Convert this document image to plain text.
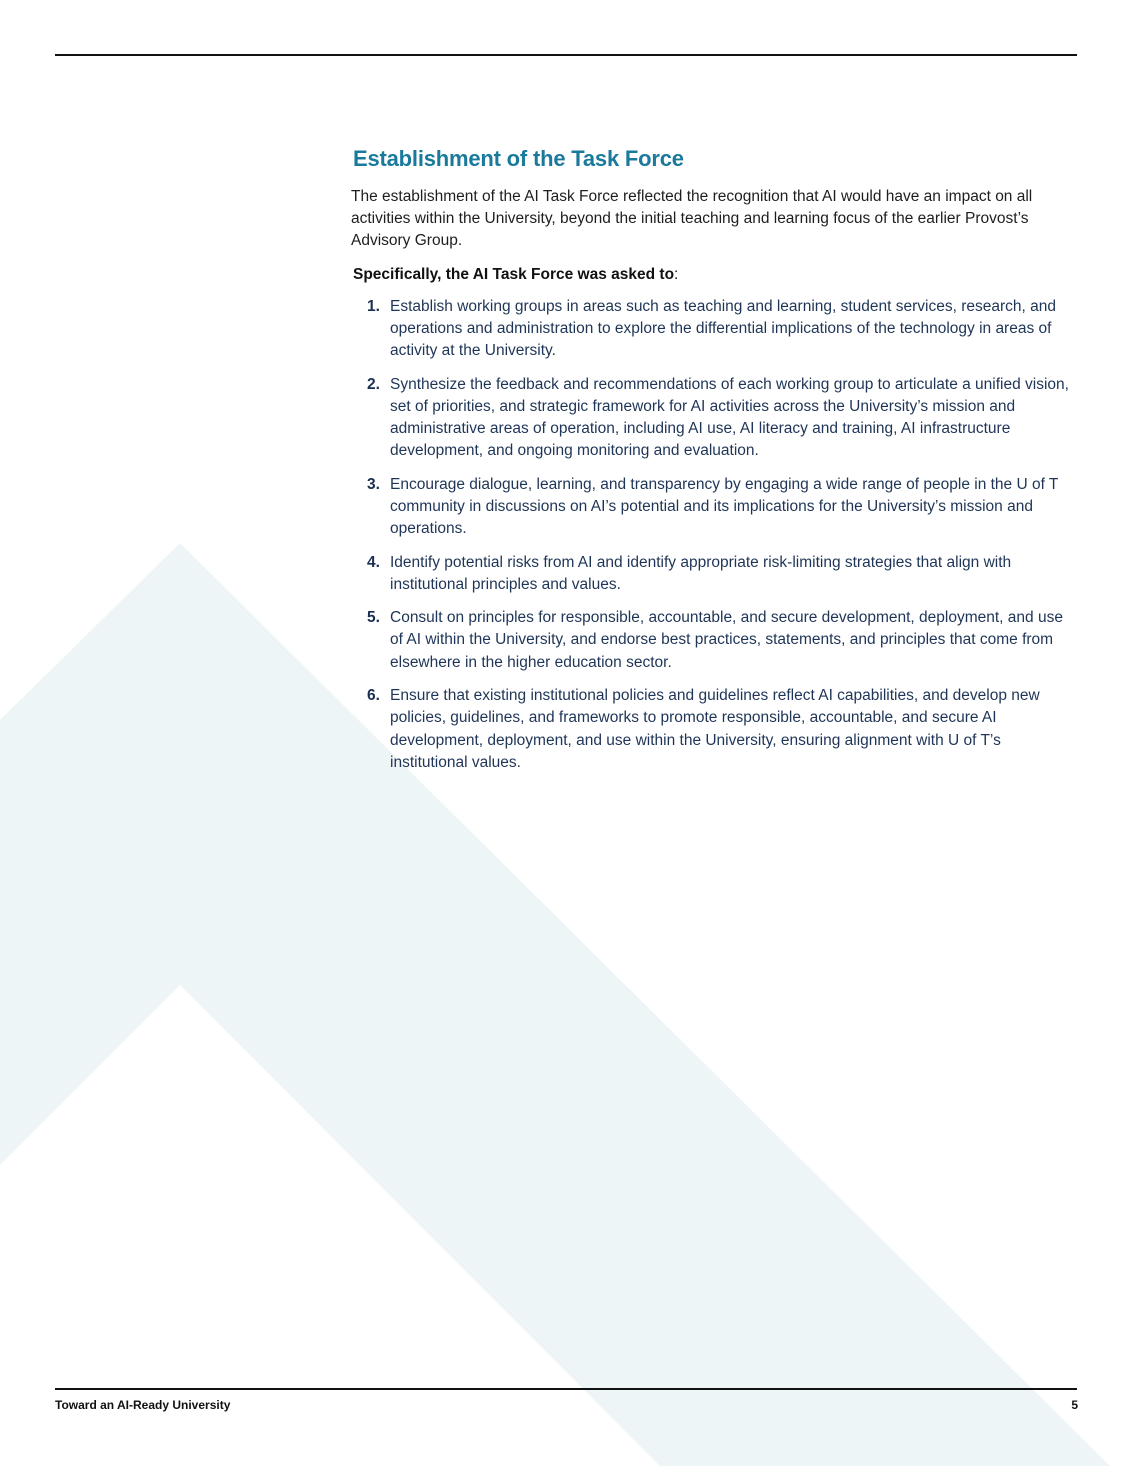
Establishment of the Task Force

The establishment of the AI Task Force reflected the recognition that AI would have an impact on all activities within the University, beyond the initial teaching and learning focus of the earlier Provost’s Advisory Group.

Specifically, the AI Task Force was asked to:

1. Establish working groups in areas such as teaching and learning, student services, research, and operations and administration to explore the differential implications of the technology in areas of activity at the University.
2. Synthesize the feedback and recommendations of each working group to articulate a unified vision, set of priorities, and strategic framework for AI activities across the University’s mission and administrative areas of operation, including AI use, AI literacy and training, AI infrastructure development, and ongoing monitoring and evaluation.
3. Encourage dialogue, learning, and transparency by engaging a wide range of people in the U of T community in discussions on AI’s potential and its implications for the University’s mission and operations.
4. Identify potential risks from AI and identify appropriate risk-limiting strategies that align with institutional principles and values.
5. Consult on principles for responsible, accountable, and secure development, deployment, and use of AI within the University, and endorse best practices, statements, and principles that come from elsewhere in the higher education sector.
6. Ensure that existing institutional policies and guidelines reflect AI capabilities, and develop new policies, guidelines, and frameworks to promote responsible, accountable, and secure AI development, deployment, and use within the University, ensuring alignment with U of T’s institutional values.
Toward an AI-Ready University	5
